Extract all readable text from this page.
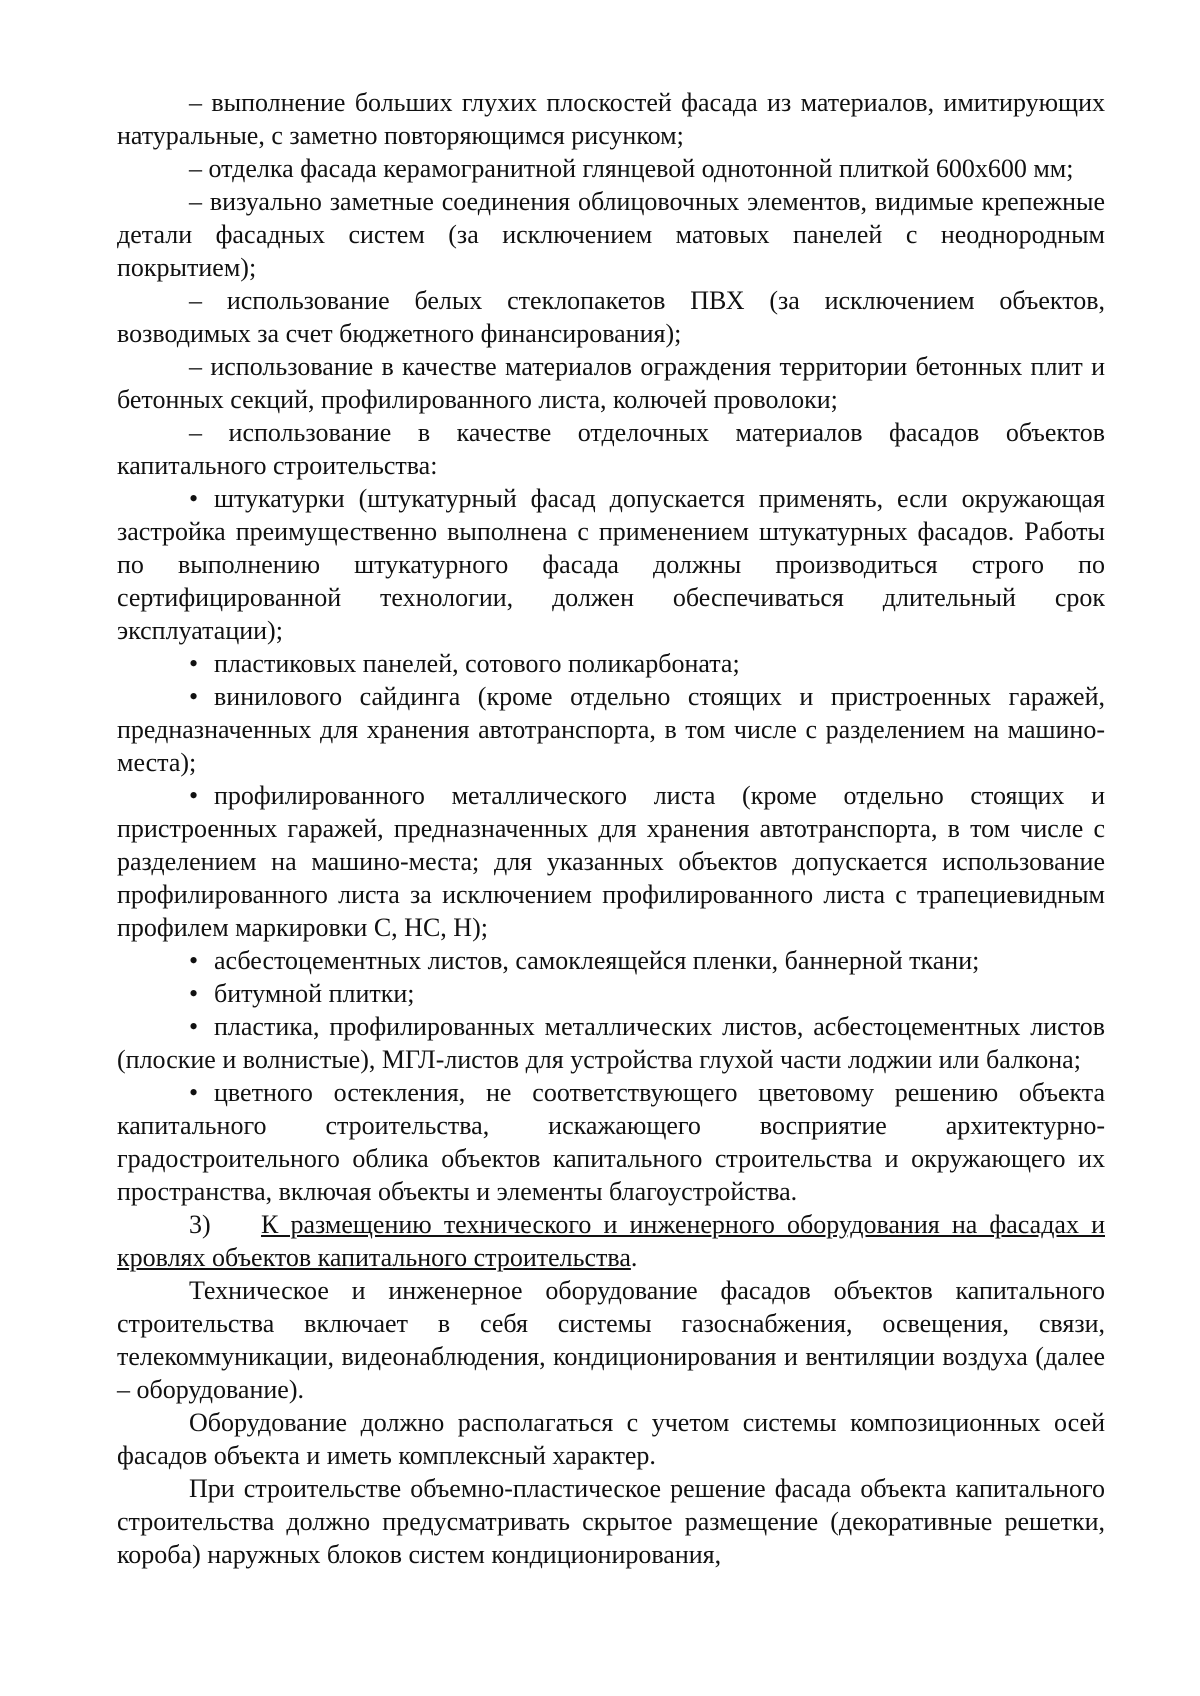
– выполнение больших глухих плоскостей фасада из материалов, имитирующих натуральные, с заметно повторяющимся рисунком;

– отделка фасада керамогранитной глянцевой однотонной плиткой 600x600 мм;

– визуально заметные соединения облицовочных элементов, видимые крепежные детали фасадных систем (за исключением матовых панелей с неоднородным покрытием);

– использование белых стеклопакетов ПВХ (за исключением объектов, возводимых за счет бюджетного финансирования);

– использование в качестве материалов ограждения территории бетонных плит и бетонных секций, профилированного листа, колючей проволоки;

– использование в качестве отделочных материалов фасадов объектов капитального строительства:

• штукатурки (штукатурный фасад допускается применять, если окружающая застройка преимущественно выполнена с применением штукатурных фасадов. Работы по выполнению штукатурного фасада должны производиться строго по сертифицированной технологии, должен обеспечиваться длительный срок эксплуатации);

• пластиковых панелей, сотового поликарбоната;

• винилового сайдинга (кроме отдельно стоящих и пристроенных гаражей, предназначенных для хранения автотранспорта, в том числе с разделением на машино-места);

• профилированного металлического листа (кроме отдельно стоящих и пристроенных гаражей, предназначенных для хранения автотранспорта, в том числе с разделением на машино-места; для указанных объектов допускается использование профилированного листа за исключением профилированного листа с трапециевидным профилем маркировки С, НС, Н);

• асбестоцементных листов, самоклеящейся пленки, баннерной ткани;

• битумной плитки;

• пластика, профилированных металлических листов, асбестоцементных листов (плоские и волнистые), МГЛ-листов для устройства глухой части лоджии или балкона;

• цветного остекления, не соответствующего цветовому решению объекта капитального строительства, искажающего восприятие архитектурно-градостроительного облика объектов капитального строительства и окружающего их пространства, включая объекты и элементы благоустройства.

3) К размещению технического и инженерного оборудования на фасадах и кровлях объектов капитального строительства.

Техническое и инженерное оборудование фасадов объектов капитального строительства включает в себя системы газоснабжения, освещения, связи, телекоммуникации, видеонаблюдения, кондиционирования и вентиляции воздуха (далее – оборудование).

Оборудование должно располагаться с учетом системы композиционных осей фасадов объекта и иметь комплексный характер.

При строительстве объемно-пластическое решение фасада объекта капитального строительства должно предусматривать скрытое размещение (декоративные решетки, короба) наружных блоков систем кондиционирования,
